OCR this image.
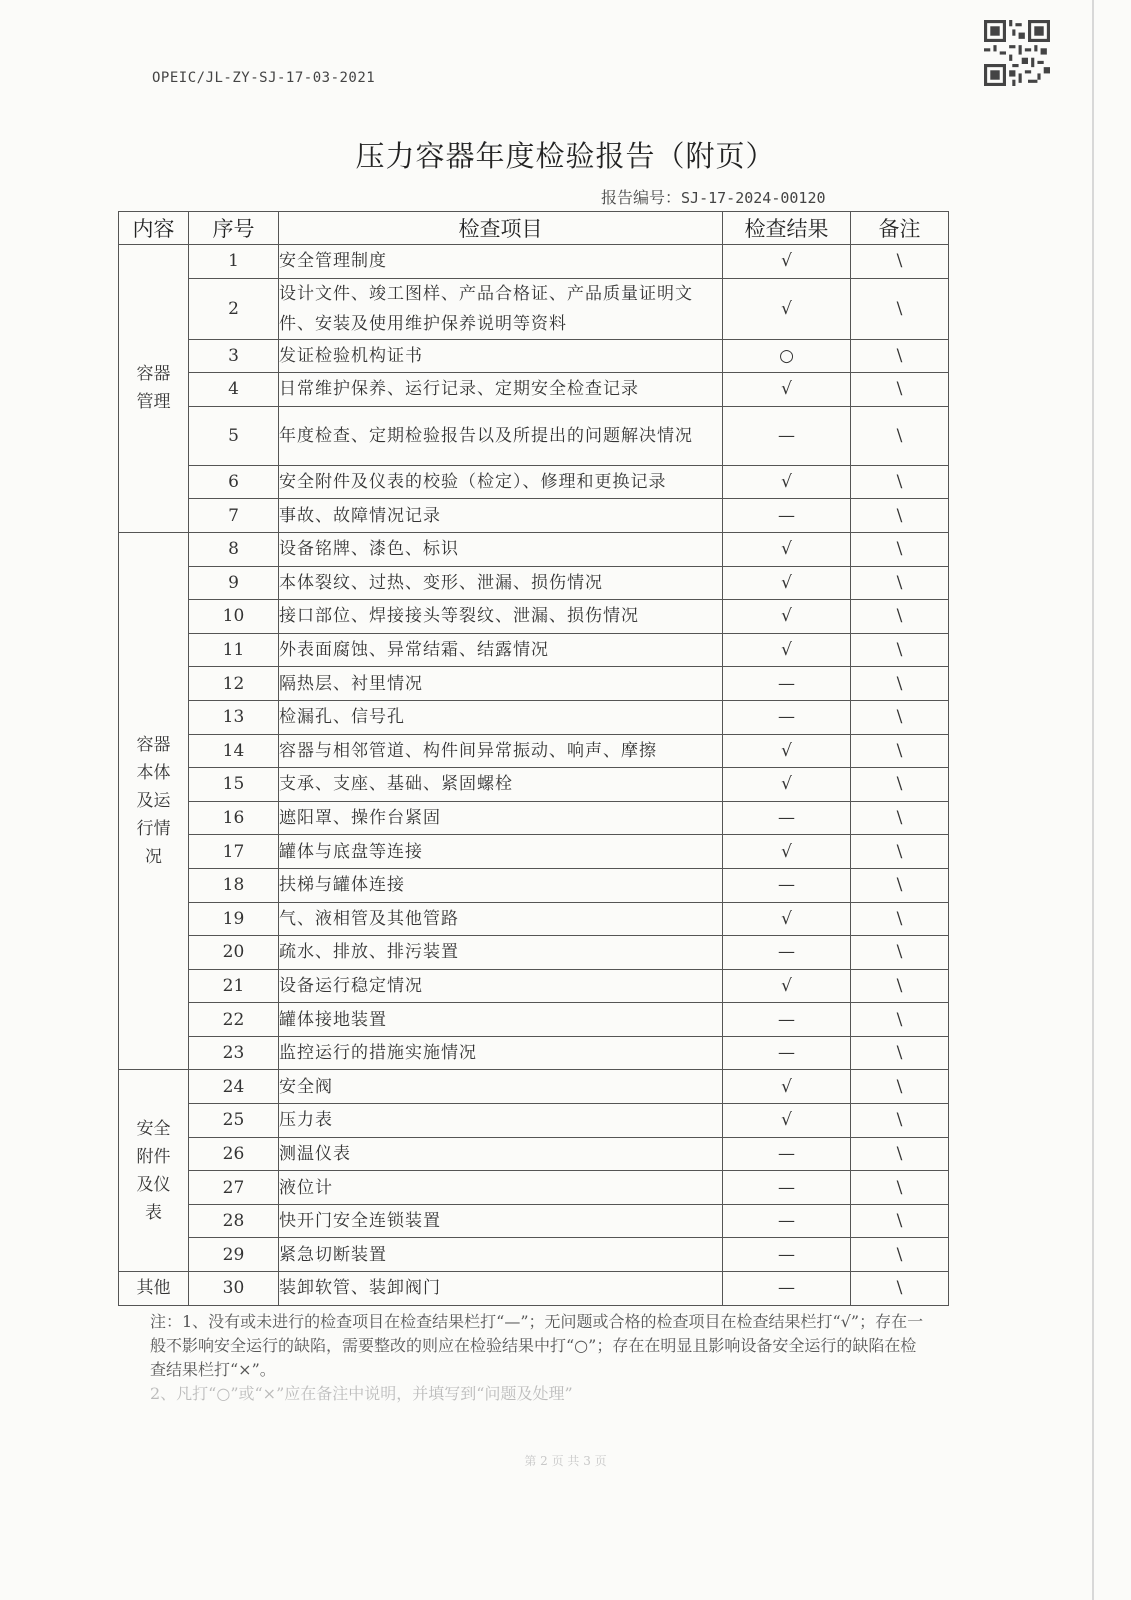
OPEIC/JL-ZY-SJ-17-03-2021
压力容器年度检验报告（附页）
报告编号：SJ-17-2024-00120
内容	序号	检查项目	检查结果	备注
容器管理	1	安全管理制度	√	\
	2	设计文件、竣工图样、产品合格证、产品质量证明文件、安装及使用维护保养说明等资料	√	\
	3	发证检验机构证书	○	\
	4	日常维护保养、运行记录、定期安全检查记录	√	\
	5	年度检查、定期检验报告以及所提出的问题解决情况	—	\
	6	安全附件及仪表的校验（检定）、修理和更换记录	√	\
	7	事故、故障情况记录	—	\
容器本体及运行情况	8	设备铭牌、漆色、标识	√	\
	9	本体裂纹、过热、变形、泄漏、损伤情况	√	\
	10	接口部位、焊接接头等裂纹、泄漏、损伤情况	√	\
	11	外表面腐蚀、异常结霜、结露情况	√	\
	12	隔热层、衬里情况	—	\
	13	检漏孔、信号孔	—	\
	14	容器与相邻管道、构件间异常振动、响声、摩擦	√	\
	15	支承、支座、基础、紧固螺栓	√	\
	16	遮阳罩、操作台紧固	—	\
	17	罐体与底盘等连接	√	\
	18	扶梯与罐体连接	—	\
	19	气、液相管及其他管路	√	\
	20	疏水、排放、排污装置	—	\
	21	设备运行稳定情况	√	\
	22	罐体接地装置	—	\
	23	监控运行的措施实施情况	—	\
安全附件及仪表	24	安全阀	√	\
	25	压力表	√	\
	26	测温仪表	—	\
	27	液位计	—	\
	28	快开门安全连锁装置	—	\
	29	紧急切断装置	—	\
其他	30	装卸软管、装卸阀门	—	\

注：1、没有或未进行的检查项目在检查结果栏打“—”；无问题或合格的检查项目在检查结果栏打“√”；存在一般不影响安全运行的缺陷，需要整改的则应在检验结果中打“○”；存在在明显且影响设备安全运行的缺陷在检查结果栏打“×”。

2、凡打“○”或“×”应在备注中说明，并填写到“问题及处理”

第 2 页 共 3 页
